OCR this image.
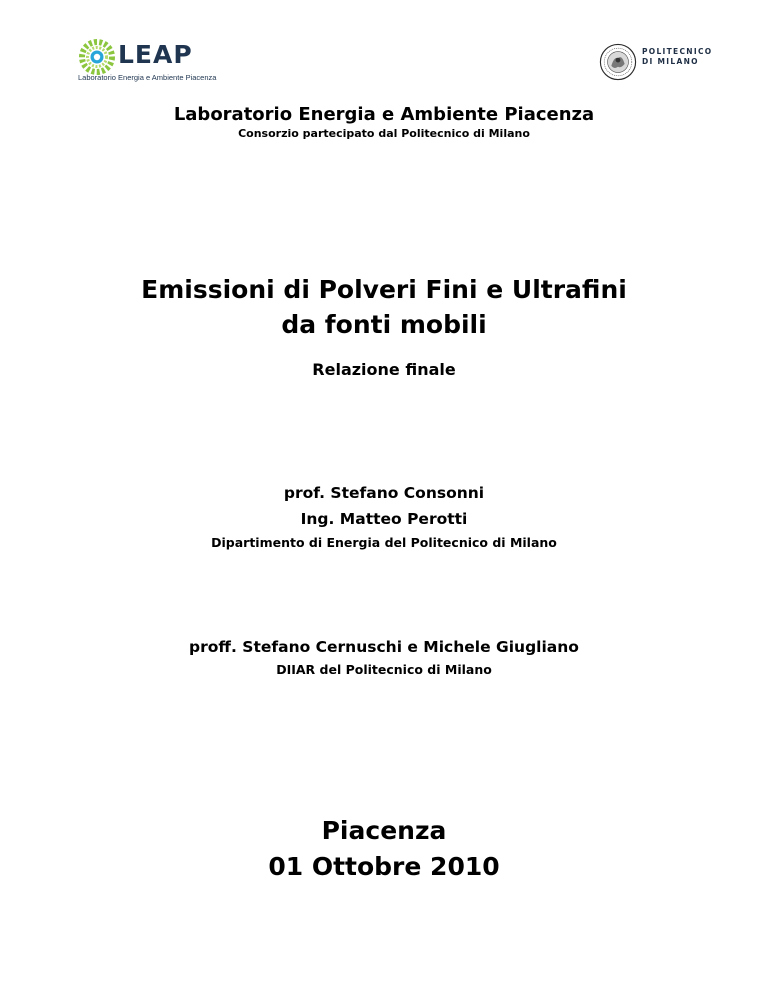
LEAP
Laboratorio Energia e Ambiente Piacenza
POLITECNICO
DI MILANO
Laboratorio Energia e Ambiente Piacenza
Consorzio partecipato dal Politecnico di Milano
Emissioni di Polveri Fini e Ultrafini
da fonti mobili
Relazione finale
prof. Stefano Consonni
Ing. Matteo Perotti
Dipartimento di Energia del Politecnico di Milano
proff. Stefano Cernuschi e Michele Giugliano
DIIAR del Politecnico di Milano
Piacenza
01 Ottobre 2010
